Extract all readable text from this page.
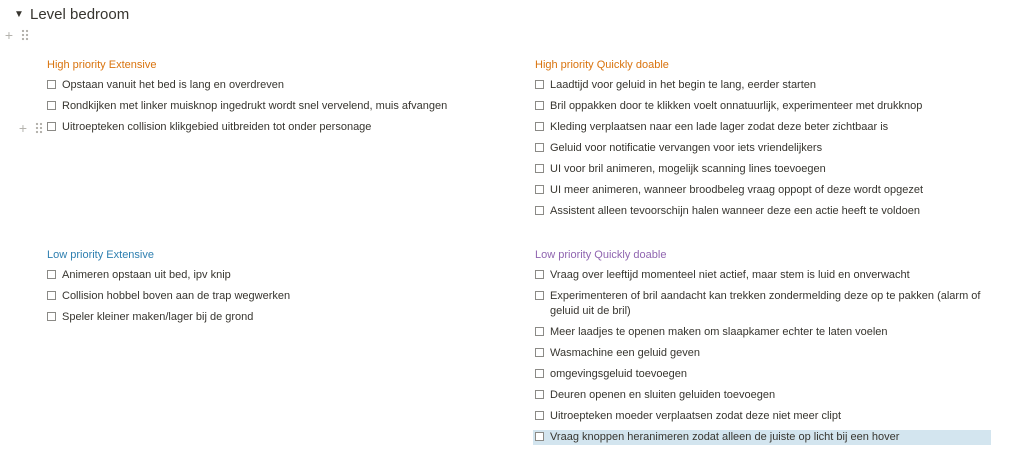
▼ Level bedroom
+
High priority Extensive
Opstaan vanuit het bed is lang en overdreven
Rondkijken met linker muisknop ingedrukt wordt snel vervelend, muis afvangen
+	Uitroepteken collision klikgebied uitbreiden tot onder personage
High priority Quickly doable
Laadtijd voor geluid in het begin te lang, eerder starten
Bril oppakken door te klikken voelt onnatuurlijk, experimenteer met drukknop
Kleding verplaatsen naar een lade lager zodat deze beter zichtbaar is
Geluid voor notificatie vervangen voor iets vriendelijkers
UI voor bril animeren, mogelijk scanning lines toevoegen
UI meer animeren, wanneer broodbeleg vraag oppopt of deze wordt opgezet
Assistent alleen tevoorschijn halen wanneer deze een actie heeft te voldoen
Low priority Extensive
Animeren opstaan uit bed, ipv knip
Collision hobbel boven aan de trap wegwerken
Speler kleiner maken/lager bij de grond
Low priority Quickly doable
Vraag over leeftijd momenteel niet actief, maar stem is luid en onverwacht
Experimenteren of bril aandacht kan trekken zondermelding deze op te pakken (alarm of geluid uit de bril)
Meer laadjes te openen maken om slaapkamer echter te laten voelen
Wasmachine een geluid geven
omgevingsgeluid toevoegen
Deuren openen en sluiten geluiden toevoegen
Uitroepteken moeder verplaatsen zodat deze niet meer clipt
Vraag knoppen heranimeren zodat alleen de juiste op licht bij een hover
